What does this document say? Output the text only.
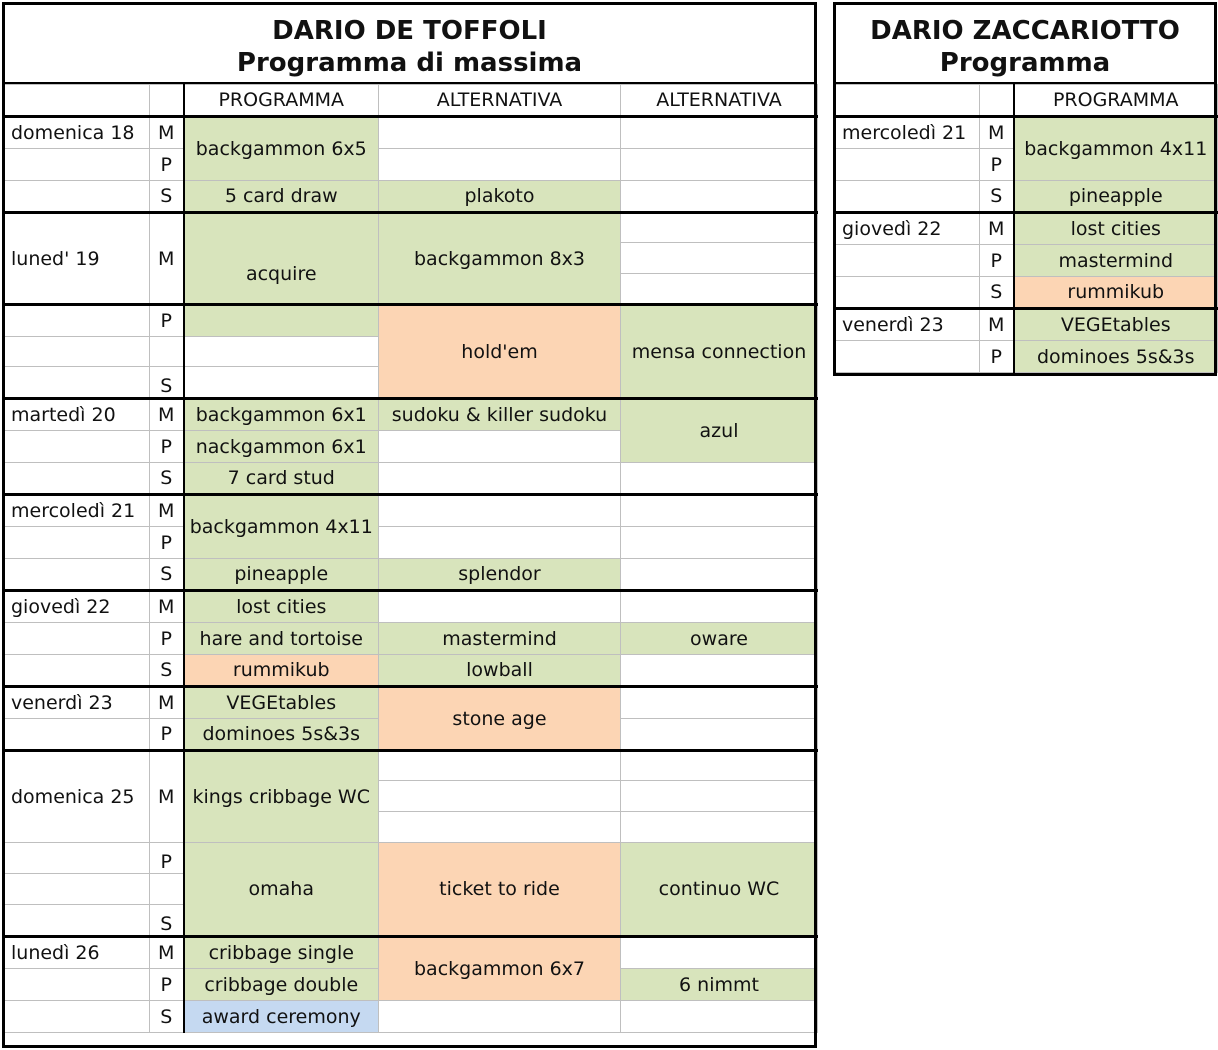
DARIO DE TOFFOLI
Programma di massima
		PROGRAMMA	ALTERNATIVA	ALTERNATIVA
domenica 18	M	backgammon 6x5		
	P			
	S	5 card draw	plakoto	
luned' 19	M	acquire	backgammon 8x3	

	P		hold'em	mensa connection

	S			
martedì 20	M	backgammon 6x1	sudoku & killer sudoku	azul
	P	nackgammon 6x1		
	S	7 card stud		
mercoledì 21	M	backgammon 4x11		
	P			
	S	pineapple	splendor	
giovedì 22	M	lost cities		
	P	hare and tortoise	mastermind	oware
	S	rummikub	lowball	
venerdì 23	M	VEGEtables	stone age	
	P	dominoes 5s&3s		
domenica 25	M	kings cribbage WC		

	P	omaha	ticket to ride	continuo WC

	S			
lunedì 26	M	cribbage single	backgammon 6x7	
	P	cribbage double		6 nimmt
	S	award ceremony		
DARIO ZACCARIOTTO
Programma
		PROGRAMMA
mercoledì 21	M	backgammon 4x11
	P	
	S	pineapple
giovedì 22	M	lost cities
	P	mastermind
	S	rummikub
venerdì 23	M	VEGEtables
	P	dominoes 5s&3s
